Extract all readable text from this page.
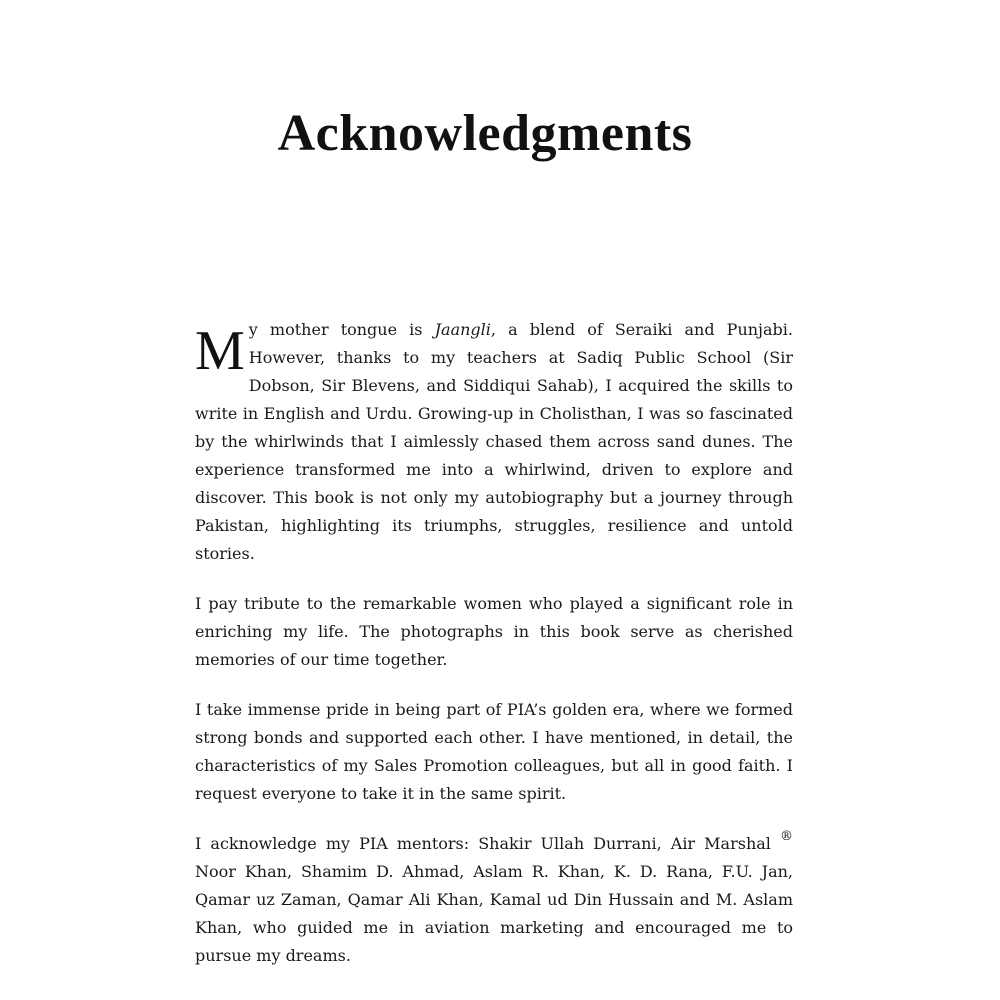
Acknowledgments

My mother tongue is Jaangli, a blend of Seraiki and Punjabi. However, thanks to my teachers at Sadiq Public School (Sir Dobson, Sir Blevens, and Siddiqui Sahab), I acquired the skills to write in English and Urdu. Growing-up in Cholisthan, I was so fascinated by the whirlwinds that I aimlessly chased them across sand dunes. The experience transformed me into a whirlwind, driven to explore and discover. This book is not only my autobiography but a journey through Pakistan, highlighting its triumphs, struggles, resilience and untold stories.

I pay tribute to the remarkable women who played a significant role in enriching my life. The photographs in this book serve as cherished memories of our time together.

I take immense pride in being part of PIA’s golden era, where we formed strong bonds and supported each other. I have mentioned, in detail, the characteristics of my Sales Promotion colleagues, but all in good faith. I request everyone to take it in the same spirit.

I acknowledge my PIA mentors: Shakir Ullah Durrani, Air Marshal ® Noor Khan, Shamim D. Ahmad, Aslam R. Khan, K. D. Rana, F.U. Jan, Qamar uz Zaman, Qamar Ali Khan, Kamal ud Din Hussain and M. Aslam Khan, who guided me in aviation marketing and encouraged me to pursue my dreams.
